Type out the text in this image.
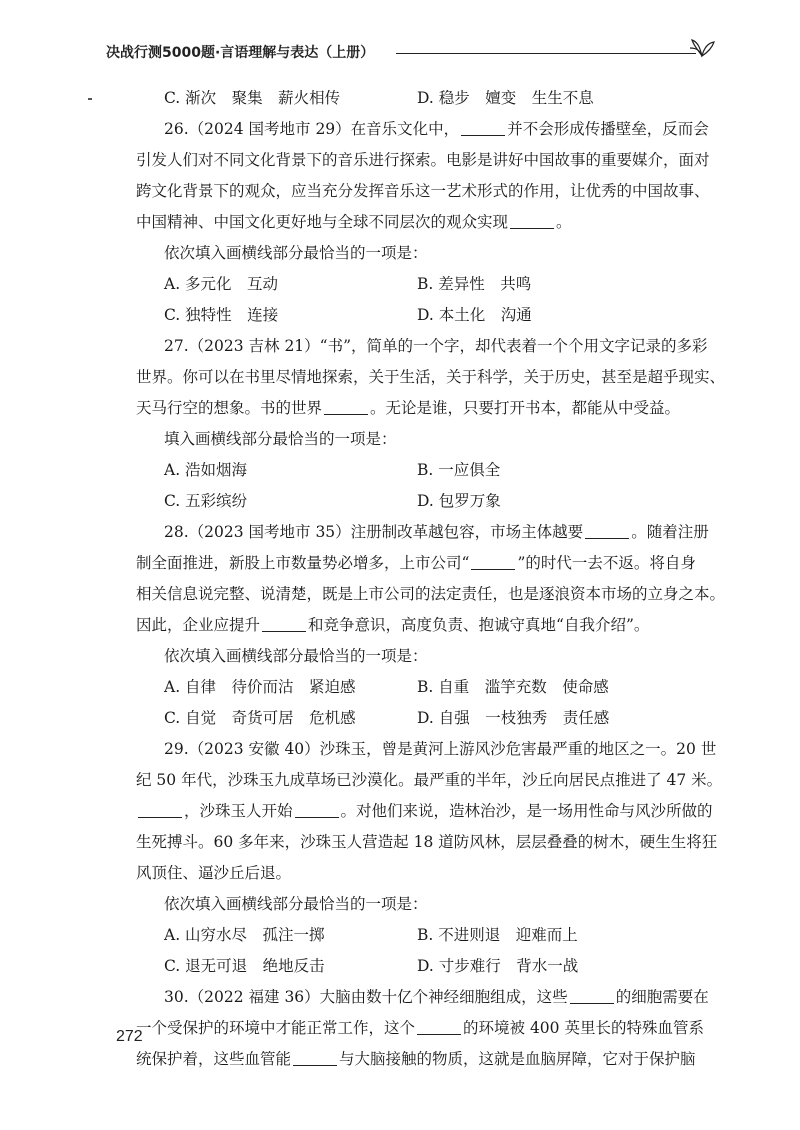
决战行测5000题·言语理解与表达（上册）
C. 渐次　聚集　薪火相传	D. 稳步　嬗变　生生不息
26.（2024 国考地市 29）在音乐文化中，	并不会形成传播壁垒，反而会
引发人们对不同文化背景下的音乐进行探索。电影是讲好中国故事的重要媒介，面对
跨文化背景下的观众，应当充分发挥音乐这一艺术形式的作用，让优秀的中国故事、
中国精神、中国文化更好地与全球不同层次的观众实现	。
依次填入画横线部分最恰当的一项是：
A. 多元化　互动	B. 差异性　共鸣
C. 独特性　连接	D. 本土化　沟通
27.（2023 吉林 21）“书”，简单的一个字，却代表着一个个用文字记录的多彩
世界。你可以在书里尽情地探索，关于生活，关于科学，关于历史，甚至是超乎现实、
天马行空的想象。书的世界	。无论是谁，只要打开书本，都能从中受益。
填入画横线部分最恰当的一项是：
A. 浩如烟海	B. 一应俱全
C. 五彩缤纷	D. 包罗万象
28.（2023 国考地市 35）注册制改革越包容，市场主体越要	。随着注册
制全面推进，新股上市数量势必增多，上市公司“	”的时代一去不返。将自身
相关信息说完整、说清楚，既是上市公司的法定责任，也是逐浪资本市场的立身之本。
因此，企业应提升	和竞争意识，高度负责、抱诚守真地“自我介绍”。
依次填入画横线部分最恰当的一项是：
A. 自律　待价而沽　紧迫感	B. 自重　滥竽充数　使命感
C. 自觉　奇货可居　危机感	D. 自强　一枝独秀　责任感
29.（2023 安徽 40）沙珠玉，曾是黄河上游风沙危害最严重的地区之一。20 世
纪 50 年代，沙珠玉九成草场已沙漠化。最严重的半年，沙丘向居民点推进了 47 米。
，沙珠玉人开始	。对他们来说，造林治沙，是一场用性命与风沙所做的
生死搏斗。60 多年来，沙珠玉人营造起 18 道防风林，层层叠叠的树木，硬生生将狂
风顶住、逼沙丘后退。
依次填入画横线部分最恰当的一项是：
A. 山穷水尽　孤注一掷	B. 不进则退　迎难而上
C. 退无可退　绝地反击	D. 寸步难行　背水一战
30.（2022 福建 36）大脑由数十亿个神经细胞组成，这些	的细胞需要在
一个受保护的环境中才能正常工作，这个	的环境被 400 英里长的特殊血管系
统保护着，这些血管能	与大脑接触的物质，这就是血脑屏障，它对于保护脑
272
